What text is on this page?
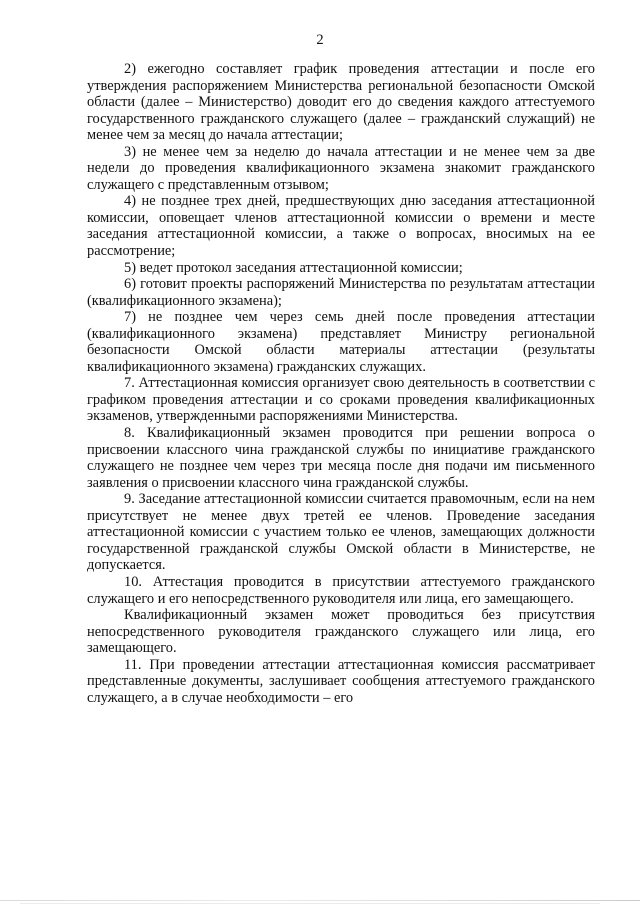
2

2) ежегодно составляет график проведения аттестации и после его утверждения распоряжением Министерства региональной безопасности Омской области (далее – Министерство) доводит его до сведения каждого аттестуемого государственного гражданского служащего (далее – гражданский служащий) не менее чем за месяц до начала аттестации;

3) не менее чем за неделю до начала аттестации и не менее чем за две недели до проведения квалификационного экзамена знакомит гражданского служащего с представленным отзывом;

4) не позднее трех дней, предшествующих дню заседания аттестационной комиссии, оповещает членов аттестационной комиссии о времени и месте заседания аттестационной комиссии, а также о вопросах, вносимых на ее рассмотрение;

5) ведет протокол заседания аттестационной комиссии;

6) готовит проекты распоряжений Министерства по результатам аттестации (квалификационного экзамена);

7) не позднее чем через семь дней после проведения аттестации (квалификационного экзамена) представляет Министру региональной безопасности Омской области материалы аттестации (результаты квалификационного экзамена) гражданских служащих.

7. Аттестационная комиссия организует свою деятельность в соответствии с графиком проведения аттестации и со сроками проведения квалификационных экзаменов, утвержденными распоряжениями Министерства.

8. Квалификационный экзамен проводится при решении вопроса о присвоении классного чина гражданской службы по инициативе гражданского служащего не позднее чем через три месяца после дня подачи им письменного заявления о присвоении классного чина гражданской службы.

9. Заседание аттестационной комиссии считается правомочным, если на нем присутствует не менее двух третей ее членов. Проведение заседания аттестационной комиссии с участием только ее членов, замещающих должности государственной гражданской службы Омской области в Министерстве, не допускается.

10. Аттестация проводится в присутствии аттестуемого гражданского служащего и его непосредственного руководителя или лица, его замещающего.

Квалификационный экзамен может проводиться без присутствия непосредственного руководителя гражданского служащего или лица, его замещающего.

11. При проведении аттестации аттестационная комиссия рассматривает представленные документы, заслушивает сообщения аттестуемого гражданского служащего, а в случае необходимости – его
